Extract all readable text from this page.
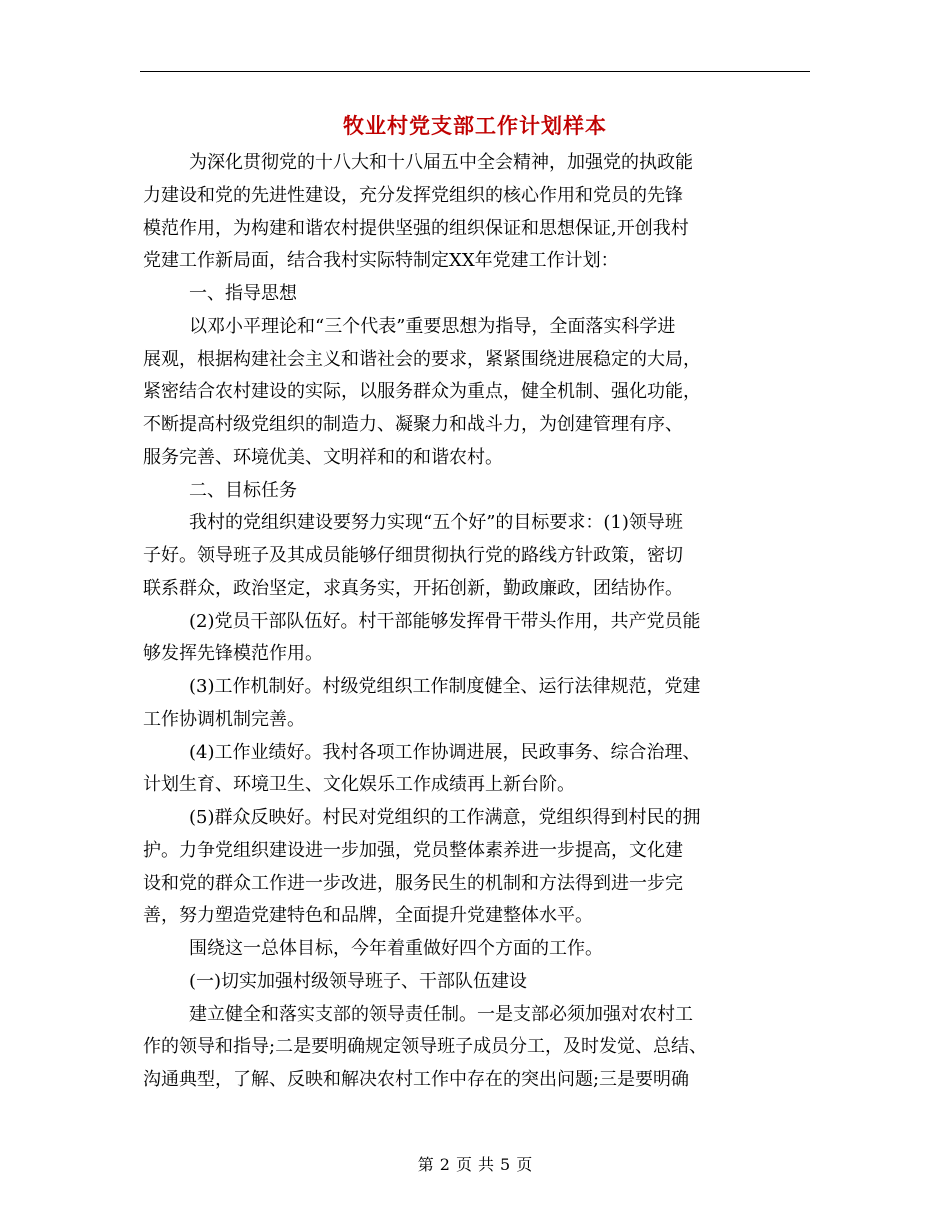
牧业村党支部工作计划样本
为深化贯彻党的十八大和十八届五中全会精神，加强党的执政能
力建设和党的先进性建设，充分发挥党组织的核心作用和党员的先锋
模范作用，为构建和谐农村提供坚强的组织保证和思想保证,开创我村
党建工作新局面，结合我村实际特制定XX年党建工作计划：
一、指导思想
以邓小平理论和“三个代表”重要思想为指导，全面落实科学进
展观，根据构建社会主义和谐社会的要求，紧紧围绕进展稳定的大局，
紧密结合农村建设的实际，以服务群众为重点，健全机制、强化功能，
不断提高村级党组织的制造力、凝聚力和战斗力，为创建管理有序、
服务完善、环境优美、文明祥和的和谐农村。
二、目标任务
我村的党组织建设要努力实现“五个好”的目标要求：(1)领导班
子好。领导班子及其成员能够仔细贯彻执行党的路线方针政策，密切
联系群众，政治坚定，求真务实，开拓创新，勤政廉政，团结协作。
(2)党员干部队伍好。村干部能够发挥骨干带头作用，共产党员能
够发挥先锋模范作用。
(3)工作机制好。村级党组织工作制度健全、运行法律规范，党建
工作协调机制完善。
(4)工作业绩好。我村各项工作协调进展，民政事务、综合治理、
计划生育、环境卫生、文化娱乐工作成绩再上新台阶。
(5)群众反映好。村民对党组织的工作满意，党组织得到村民的拥
护。力争党组织建设进一步加强，党员整体素养进一步提高，文化建
设和党的群众工作进一步改进，服务民生的机制和方法得到进一步完
善，努力塑造党建特色和品牌，全面提升党建整体水平。
围绕这一总体目标，今年着重做好四个方面的工作。
(一)切实加强村级领导班子、干部队伍建设
建立健全和落实支部的领导责任制。一是支部必须加强对农村工
作的领导和指导;二是要明确规定领导班子成员分工，及时发觉、总结、
沟通典型，了解、反映和解决农村工作中存在的突出问题;三是要明确
第 2 页 共 5 页
